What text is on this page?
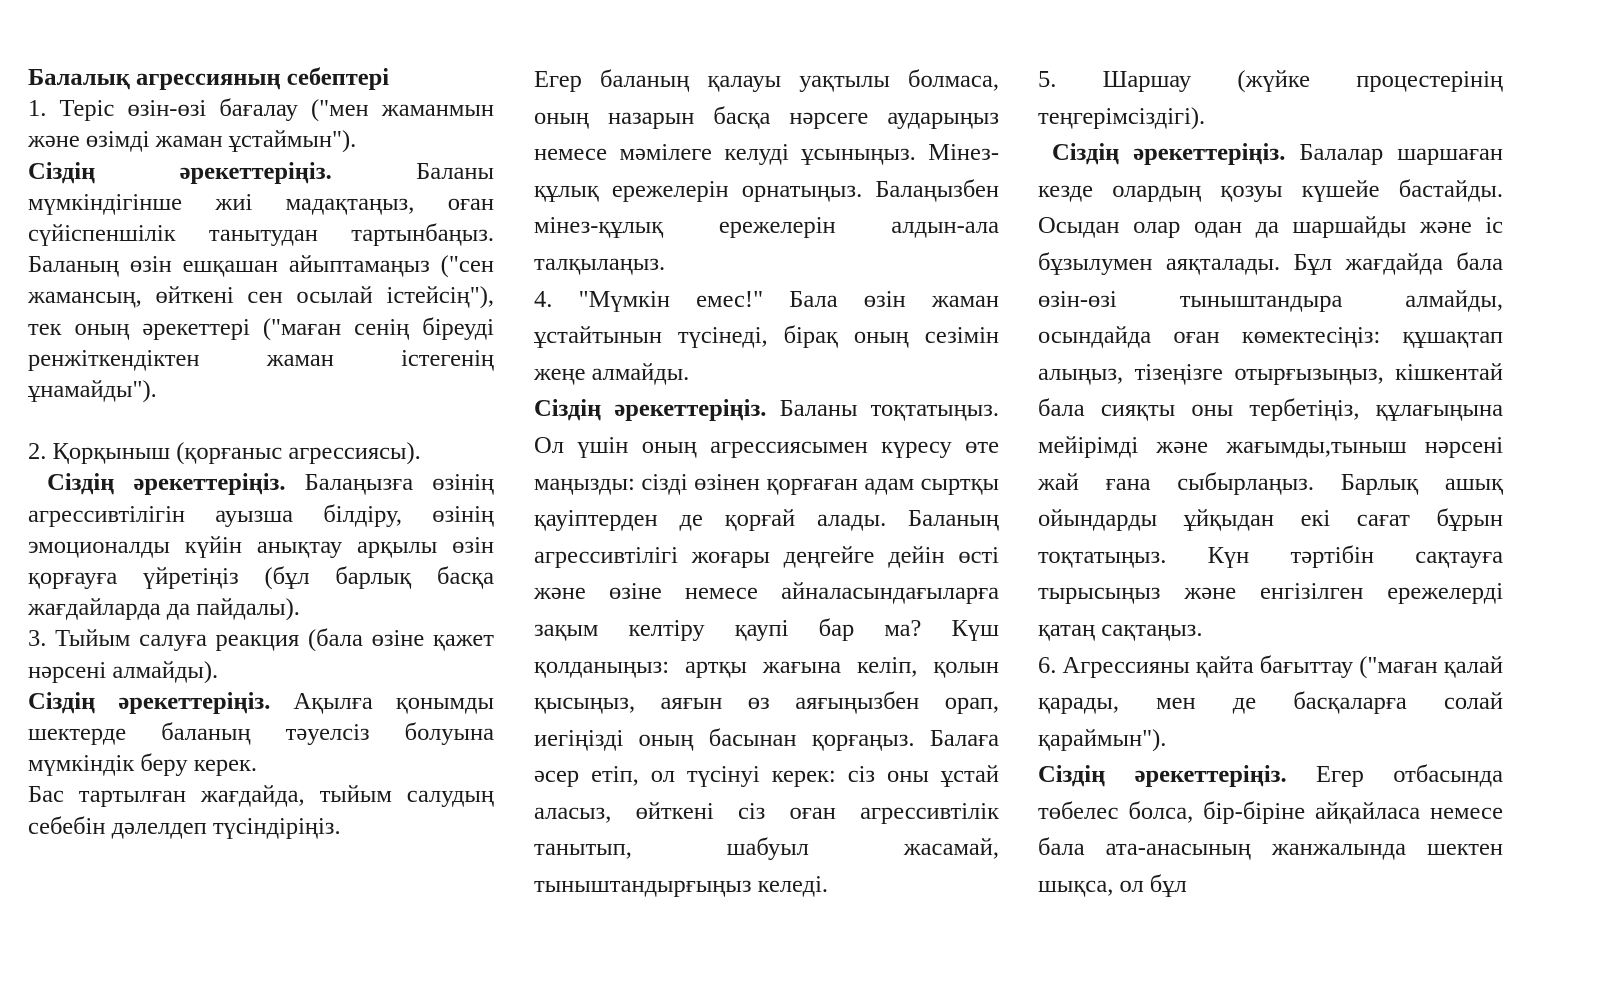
Балалық агрессияның себептері

1. Теріс өзін-өзі бағалау ("мен жаманмын және өзімді жаман ұстаймын").

Сіздің әрекеттеріңіз.	Баланы мүмкіндігінше жиі мадақтаңыз, оған сүйіспеншілік танытудан тартынбаңыз. Баланың өзін ешқашан айыптамаңыз ("сен жамансың, өйткені сен осылай істейсің"), тек оның әрекеттері ("маған сенің біреуді ренжіткендіктен жаман істегенің ұнамайды").

2. Қорқыныш (қорғаныс агрессиясы).

Сіздің әрекеттеріңіз. Балаңызға өзінің агрессивтілігін ауызша білдіру, өзінің эмоционалды күйін анықтау арқылы өзін қорғауға үйретіңіз (бұл барлық басқа жағдайларда да пайдалы).

3. Тыйым салуға реакция (бала өзіне қажет нәрсені алмайды).

Сіздің әрекеттеріңіз. Ақылға қонымды шектерде баланың тәуелсіз болуына мүмкіндік беру керек.

Бас тартылған жағдайда, тыйым салудың себебін дәлелдеп түсіндіріңіз.

Егер баланың қалауы уақтылы болмаса, оның назарын басқа нәрсеге аударыңыз немесе мәмілеге келуді ұсыныңыз. Мінез-құлық ережелерін орнатыңыз. Балаңызбен мінез-құлық ережелерін алдын-ала талқылаңыз.

4. "Мүмкін емес!" Бала өзін жаман ұстайтынын түсінеді, бірақ оның сезімін жеңе алмайды.

Сіздің әрекеттеріңіз. Баланы тоқтатыңыз. Ол үшін оның агрессиясымен күресу өте маңызды: сізді өзінен қорғаған адам сыртқы қауіптерден де қорғай алады. Баланың агрессивтілігі жоғары деңгейге дейін өсті және өзіне немесе айналасындағыларға зақым келтіру қаупі бар ма? Күш қолданыңыз: артқы жағына келіп, қолын қысыңыз, аяғын өз аяғыңызбен орап, иегіңізді оның басынан қорғаңыз. Балаға әсер етіп, ол түсінуі керек: сіз оны ұстай аласыз, өйткені сіз оған агрессивтілік танытып, шабуыл жасамай, тыныштандырғыңыз келеді.

5. Шаршау (жүйке процестерінің теңгерімсіздігі).

Сіздің әрекеттеріңіз. Балалар шаршаған кезде олардың қозуы күшейе бастайды. Осыдан олар одан да шаршайды және іс бұзылумен аяқталады. Бұл жағдайда бала өзін-өзі тыныштандыра алмайды, осындайда оған көмектесіңіз: құшақтап алыңыз, тізеңізге отырғызыңыз, кішкентай бала сияқты оны тербетіңіз, құлағыңына мейірімді және жағымды,тыныш нәрсені жай ғана сыбырлаңыз. Барлық ашық ойындарды ұйқыдан екі сағат бұрын тоқтатыңыз. Күн тәртібін сақтауға тырысыңыз және енгізілген ережелерді қатаң сақтаңыз.

6. Агрессияны қайта бағыттау ("маған қалай қарады, мен де басқаларға солай қараймын").

Сіздің әрекеттеріңіз. Егер отбасында төбелес болса, бір-біріне айқайласа немесе бала ата-анасының жанжалында шектен шықса, ол бұл
